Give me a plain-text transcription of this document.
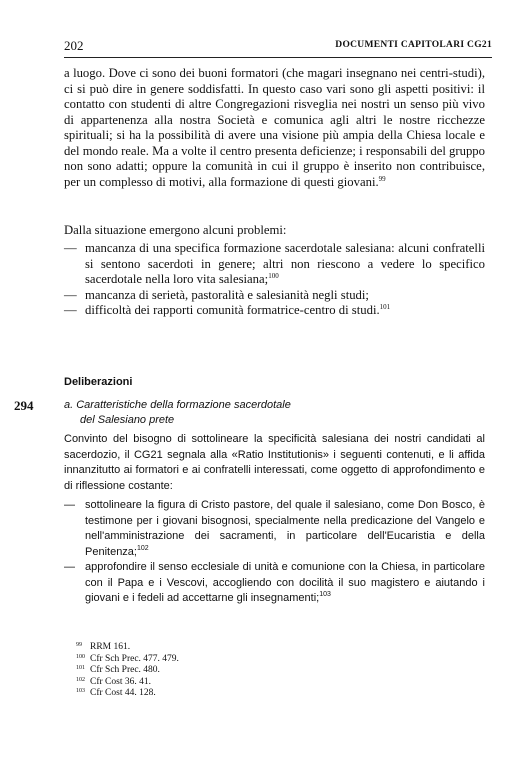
202	DOCUMENTI CAPITOLARI CG21

a luogo. Dove ci sono dei buoni formatori (che magari insegnano nei centri-studi), ci si può dire in genere soddisfatti. In questo caso vari sono gli aspetti positivi: il contatto con studenti di altre Congregazioni risveglia nei nostri un senso più vivo di appartenenza alla nostra Società e comunica agli altri le nostre ricchezze spirituali; si ha la possibilità di avere una visione più ampia della Chiesa locale e del mondo reale. Ma a volte il centro presenta deficienze; i responsabili del gruppo non sono adatti; oppure la comunità in cui il gruppo è inserito non contribuisce, per un complesso di motivi, alla formazione di questi giovani.$^{99}$

Dalla situazione emergono alcuni problemi:

— mancanza di una specifica formazione sacerdotale salesiana: alcuni confratelli si sentono sacerdoti in genere; altri non riescono a vedere lo specifico sacerdotale nella loro vita salesiana;$^{100}$
— mancanza di serietà, pastoralità e salesianità negli studi;
— difficoltà dei rapporti comunità formatrice-centro di studi.$^{101}$
Deliberazioni
294	a. Caratteristiche della formazione sacerdotale
del Salesiano prete

Convinto del bisogno di sottolineare la specificità salesiana dei nostri candidati al sacerdozio, il CG21 segnala alla «Ratio Institutionis» i seguenti contenuti, e li affida innanzitutto ai formatori e ai confratelli interessati, come oggetto di approfondimento e di riflessione costante:

— sottolineare la figura di Cristo pastore, del quale il salesiano, come Don Bosco, è testimone per i giovani bisognosi, specialmente nella predicazione del Vangelo e nell'amministrazione dei sacramenti, in particolare dell'Eucaristia e della Penitenza;$^{102}$
— approfondire il senso ecclesiale di unità e comunione con la Chiesa, in particolare con il Papa e i Vescovi, accogliendo con docilità il suo magistero e aiutando i giovani e i fedeli ad accettarne gli insegnamenti;$^{103}$
99 RRM 161.
100 Cfr Sch Prec. 477. 479.
101 Cfr Sch Prec. 480.
102 Cfr Cost 36. 41.
103 Cfr Cost 44. 128.
